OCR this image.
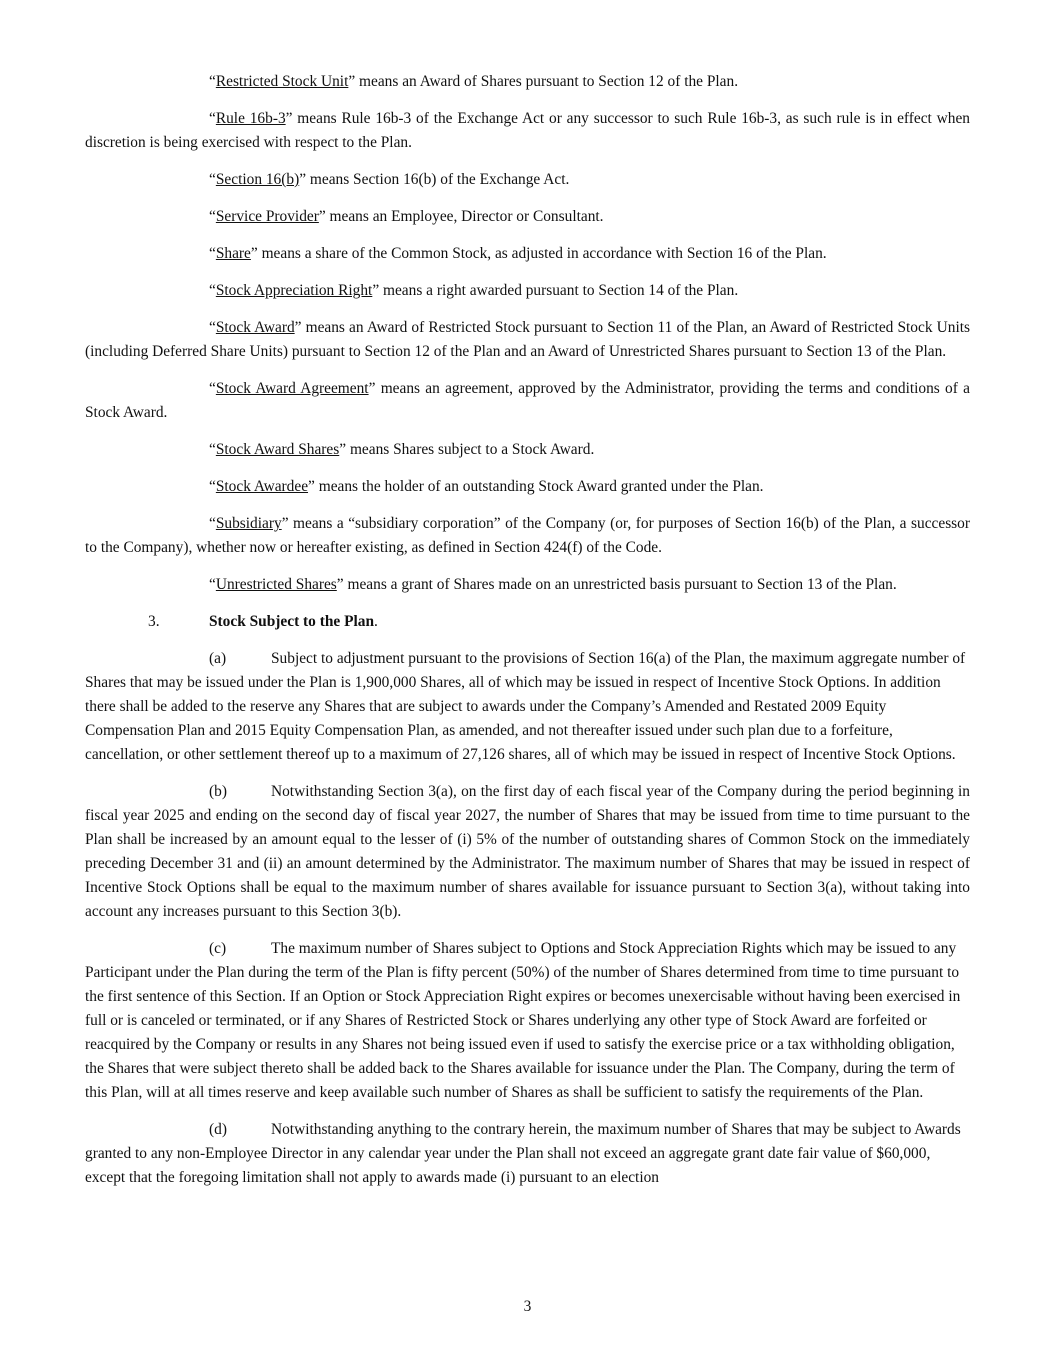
“Restricted Stock Unit” means an Award of Shares pursuant to Section 12 of the Plan.

“Rule 16b-3” means Rule 16b-3 of the Exchange Act or any successor to such Rule 16b-3, as such rule is in effect when discretion is being exercised with respect to the Plan.

“Section 16(b)” means Section 16(b) of the Exchange Act.

“Service Provider” means an Employee, Director or Consultant.

“Share” means a share of the Common Stock, as adjusted in accordance with Section 16 of the Plan.

“Stock Appreciation Right” means a right awarded pursuant to Section 14 of the Plan.

“Stock Award” means an Award of Restricted Stock pursuant to Section 11 of the Plan, an Award of Restricted Stock Units (including Deferred Share Units) pursuant to Section 12 of the Plan and an Award of Unrestricted Shares pursuant to Section 13 of the Plan.

“Stock Award Agreement” means an agreement, approved by the Administrator, providing the terms and conditions of a Stock Award.

“Stock Award Shares” means Shares subject to a Stock Award.

“Stock Awardee” means the holder of an outstanding Stock Award granted under the Plan.

“Subsidiary” means a “subsidiary corporation” of the Company (or, for purposes of Section 16(b) of the Plan, a successor to the Company), whether now or hereafter existing, as defined in Section 424(f) of the Code.

“Unrestricted Shares” means a grant of Shares made on an unrestricted basis pursuant to Section 13 of the Plan.

3.	Stock Subject to the Plan.

(a)	Subject to adjustment pursuant to the provisions of Section 16(a) of the Plan, the maximum aggregate number of Shares that may be issued under the Plan is 1,900,000 Shares, all of which may be issued in respect of Incentive Stock Options. In addition there shall be added to the reserve any Shares that are subject to awards under the Company’s Amended and Restated 2009 Equity Compensation Plan and 2015 Equity Compensation Plan, as amended, and not thereafter issued under such plan due to a forfeiture, cancellation, or other settlement thereof up to a maximum of 27,126 shares, all of which may be issued in respect of Incentive Stock Options.

(b)	Notwithstanding Section 3(a), on the first day of each fiscal year of the Company during the period beginning in fiscal year 2025 and ending on the second day of fiscal year 2027, the number of Shares that may be issued from time to time pursuant to the Plan shall be increased by an amount equal to the lesser of (i) 5% of the number of outstanding shares of Common Stock on the immediately preceding December 31 and (ii) an amount determined by the Administrator. The maximum number of Shares that may be issued in respect of Incentive Stock Options shall be equal to the maximum number of shares available for issuance pursuant to Section 3(a), without taking into account any increases pursuant to this Section 3(b).

(c)	The maximum number of Shares subject to Options and Stock Appreciation Rights which may be issued to any Participant under the Plan during the term of the Plan is fifty percent (50%) of the number of Shares determined from time to time pursuant to the first sentence of this Section. If an Option or Stock Appreciation Right expires or becomes unexercisable without having been exercised in full or is canceled or terminated, or if any Shares of Restricted Stock or Shares underlying any other type of Stock Award are forfeited or reacquired by the Company or results in any Shares not being issued even if used to satisfy the exercise price or a tax withholding obligation, the Shares that were subject thereto shall be added back to the Shares available for issuance under the Plan. The Company, during the term of this Plan, will at all times reserve and keep available such number of Shares as shall be sufficient to satisfy the requirements of the Plan.

(d)	Notwithstanding anything to the contrary herein, the maximum number of Shares that may be subject to Awards granted to any non-Employee Director in any calendar year under the Plan shall not exceed an aggregate grant date fair value of $60,000, except that the foregoing limitation shall not apply to awards made (i) pursuant to an election

3
